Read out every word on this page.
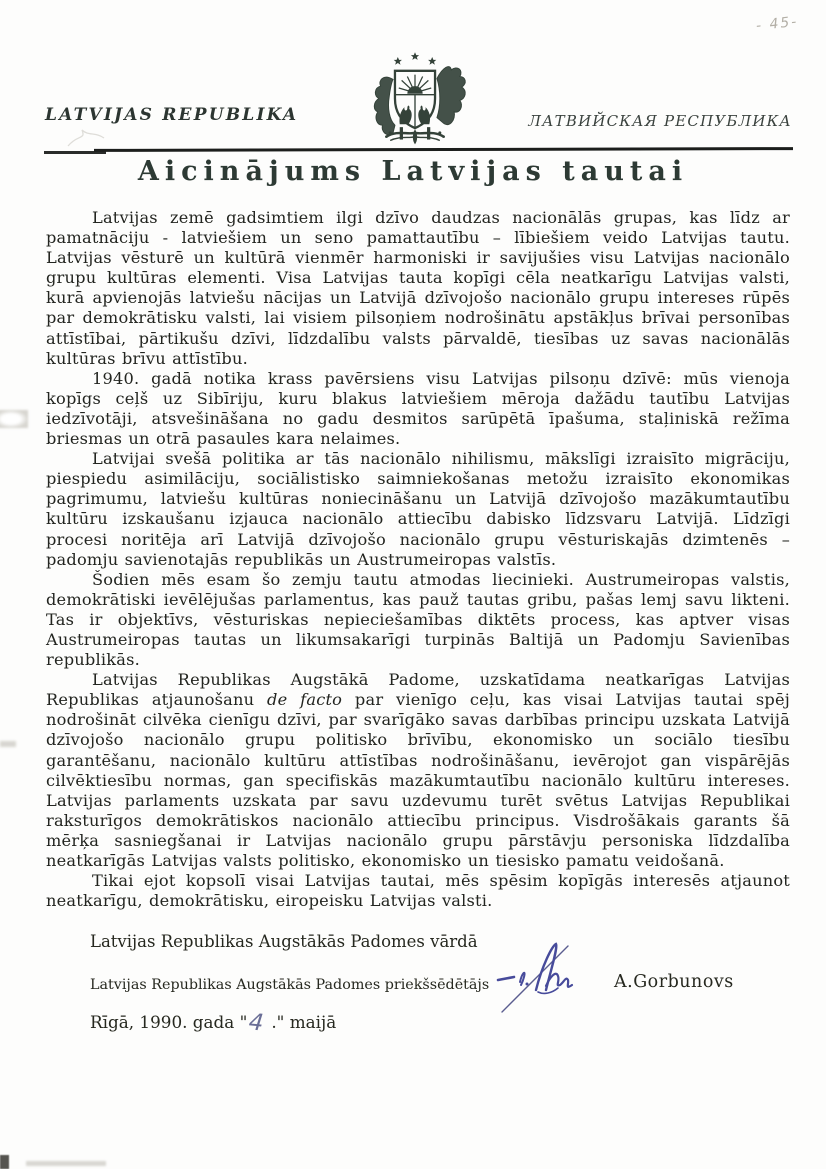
- 45-
LATVIJAS REPUBLIKA	ЛАТВИЙСКАЯ РЕСПУБЛИКА
Aicinājums Latvijas tautai

Latvijas zemē gadsimtiem ilgi dzīvo daudzas nacionālās grupas, kas līdz ar pamatnāciju - latviešiem un seno pamattautību – lībiešiem veido Latvijas tautu. Latvijas vēsturē un kultūrā vienmēr harmoniski ir savijušies visu Latvijas nacionālo grupu kultūras elementi. Visa Latvijas tauta kopīgi cēla neatkarīgu Latvijas valsti, kurā apvienojās latviešu nācijas un Latvijā dzīvojošo nacionālo grupu intereses rūpēs par demokrātisku valsti, lai visiem pilsoņiem nodrošinātu apstākļus brīvai personības attīstībai, pārtikušu dzīvi, līdzdalību valsts pārvaldē, tiesības uz savas nacionālās kultūras brīvu attīstību.

1940. gadā notika krass pavērsiens visu Latvijas pilsoņu dzīvē: mūs vienoja kopīgs ceļš uz Sibīriju, kuru blakus latviešiem mēroja dažādu tautību Latvijas iedzīvotāji, atsvešināšana no gadu desmitos sarūpētā īpašuma, staļiniskā režīma briesmas un otrā pasaules kara nelaimes.

Latvijai svešā politika ar tās nacionālo nihilismu, mākslīgi izraisīto migrāciju, piespiedu asimilāciju, sociālistisko saimniekošanas metožu izraisīto ekonomikas pagrimumu, latviešu kultūras noniecināšanu un Latvijā dzīvojošo mazākumtautību kultūru izskaušanu izjauca nacionālo attiecību dabisko līdzsvaru Latvijā. Līdzīgi procesi noritēja arī Latvijā dzīvojošo nacionālo grupu vēsturiskajās dzimtenēs – padomju savienotajās republikās un Austrumeiropas valstīs.

Šodien mēs esam šo zemju tautu atmodas liecinieki. Austrumeiropas valstis, demokrātiski ievēlējušas parlamentus, kas pauž tautas gribu, pašas lemj savu likteni. Tas ir objektīvs, vēsturiskas nepieciešamības diktēts process, kas aptver visas Austrumeiropas tautas un likumsakarīgi turpinās Baltijā un Padomju Savienības republikās.

Latvijas Republikas Augstākā Padome, uzskatīdama neatkarīgas Latvijas Republikas atjaunošanu de facto par vienīgo ceļu, kas visai Latvijas tautai spēj nodrošināt cilvēka cienīgu dzīvi, par svarīgāko savas darbības principu uzskata Latvijā dzīvojošo nacionālo grupu politisko brīvību, ekonomisko un sociālo tiesību garantēšanu, nacionālo kultūru attīstības nodrošināšanu, ievērojot gan vispārējās cilvēktiesību normas, gan specifiskās mazākumtautību nacionālo kultūru intereses. Latvijas parlaments uzskata par savu uzdevumu turēt svētus Latvijas Republikai raksturīgos demokrātiskos nacionālo attiecību principus. Visdrošākais garants šā mērķa sasniegšanai ir Latvijas nacionālo grupu pārstāvju personiska līdzdalība neatkarīgās Latvijas valsts politisko, ekonomisko un tiesisko pamatu veidošanā.

Tikai ejot kopsolī visai Latvijas tautai, mēs spēsim kopīgās interesēs atjaunot neatkarīgu, demokrātisku, eiropeisku Latvijas valsti.

Latvijas Republikas Augstākās Padomes vārdā
Latvijas Republikas Augstākās Padomes priekšsēdētājs	A.Gorbunovs
Rīgā, 1990. gada "4 ." maijā
